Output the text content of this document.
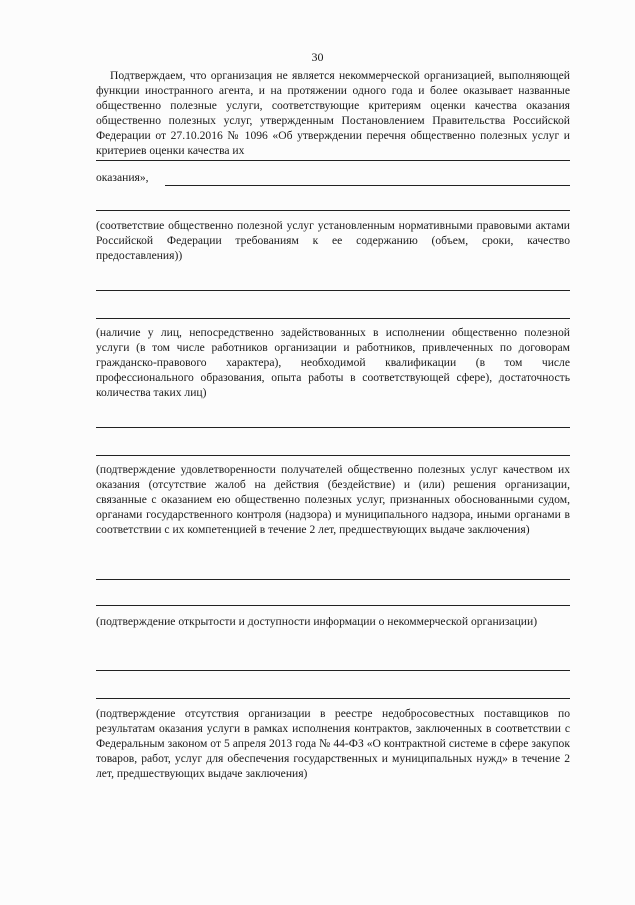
30

Подтверждаем, что организация не является некоммерческой организацией, выполняющей функции иностранного агента, и на протяжении одного года и более оказывает названные общественно полезные услуги, соответствующие критериям оценки качества оказания общественно полезных услуг, утвержденным Постановлением Правительства Российской Федерации от 27.10.2016 № 1096 «Об утверждении перечня общественно полезных услуг и критериев оценки качества их

оказания»,

(соответствие общественно полезной услуг установленным нормативными правовыми актами Российской Федерации требованиям к ее содержанию (объем, сроки, качество предоставления))

(наличие у лиц, непосредственно задействованных в исполнении общественно полезной услуги (в том числе работников организации и работников, привлеченных по договорам гражданско-правового характера), необходимой квалификации (в том числе профессионального образования, опыта работы в соответствующей сфере), достаточность количества таких лиц)

(подтверждение удовлетворенности получателей общественно полезных услуг качеством их оказания (отсутствие жалоб на действия (бездействие) и (или) решения организации, связанные с оказанием ею общественно полезных услуг, признанных обоснованными судом, органами государственного контроля (надзора) и муниципального надзора, иными органами в соответствии с их компетенцией в течение 2 лет, предшествующих выдаче заключения)

(подтверждение открытости и доступности информации о некоммерческой организации)

(подтверждение отсутствия организации в реестре недобросовестных поставщиков по результатам оказания услуги в рамках исполнения контрактов, заключенных в соответствии с Федеральным законом от 5 апреля 2013 года № 44-ФЗ «О контрактной системе в сфере закупок товаров, работ, услуг для обеспечения государственных и муниципальных нужд» в течение 2 лет, предшествующих выдаче заключения)
